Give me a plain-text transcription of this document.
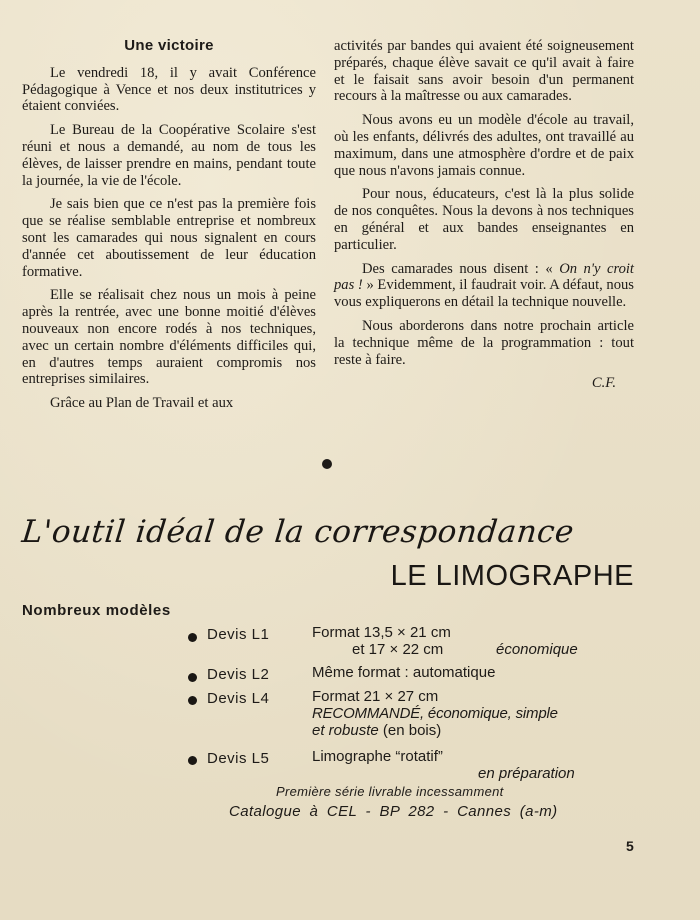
Une victoire

Le vendredi 18, il y avait Conférence Pédagogique à Vence et nos deux institutrices y étaient conviées.

Le Bureau de la Coopérative Scolaire s'est réuni et nous a demandé, au nom de tous les élèves, de laisser prendre en mains, pendant toute la journée, la vie de l'école.

Je sais bien que ce n'est pas la première fois que se réalise semblable entreprise et nombreux sont les camarades qui nous signalent en cours d'année cet aboutissement de leur éducation formative.

Elle se réalisait chez nous un mois à peine après la rentrée, avec une bonne moitié d'élèves nouveaux non encore rodés à nos techniques, avec un certain nombre d'éléments difficiles qui, en d'autres temps auraient compromis nos entreprises similaires.

Grâce au Plan de Travail et aux

activités par bandes qui avaient été soigneusement préparés, chaque élève savait ce qu'il avait à faire et le faisait sans avoir besoin d'un permanent recours à la maîtresse ou aux camarades.

Nous avons eu un modèle d'école au travail, où les enfants, délivrés des adultes, ont travaillé au maximum, dans une atmosphère d'ordre et de paix que nous n'avons jamais connue.

Pour nous, éducateurs, c'est là la plus solide de nos conquêtes. Nous la devons à nos techniques en général et aux bandes enseignantes en particulier.

Des camarades nous disent : « On n'y croit pas ! » Evidemment, il faudrait voir. A défaut, nous vous expliquerons en détail la technique nouvelle.

Nous aborderons dans notre prochain article la technique même de la programmation : tout reste à faire.

C.F.
L'outil idéal de la correspondance
LE LIMOGRAPHE
Nombreux modèles
Devis L1	Format 13,5 × 21 cm
et 17 × 22 cm	économique
Devis L2	Même format : automatique
Devis L4	Format 21 × 27 cm
RECOMMANDÉ, économique, simple
et robuste (en bois)
Devis L5	Limographe “rotatif”
en préparation
Première série livrable incessamment
Catalogue à CEL - BP 282 - Cannes (a-m)
5
